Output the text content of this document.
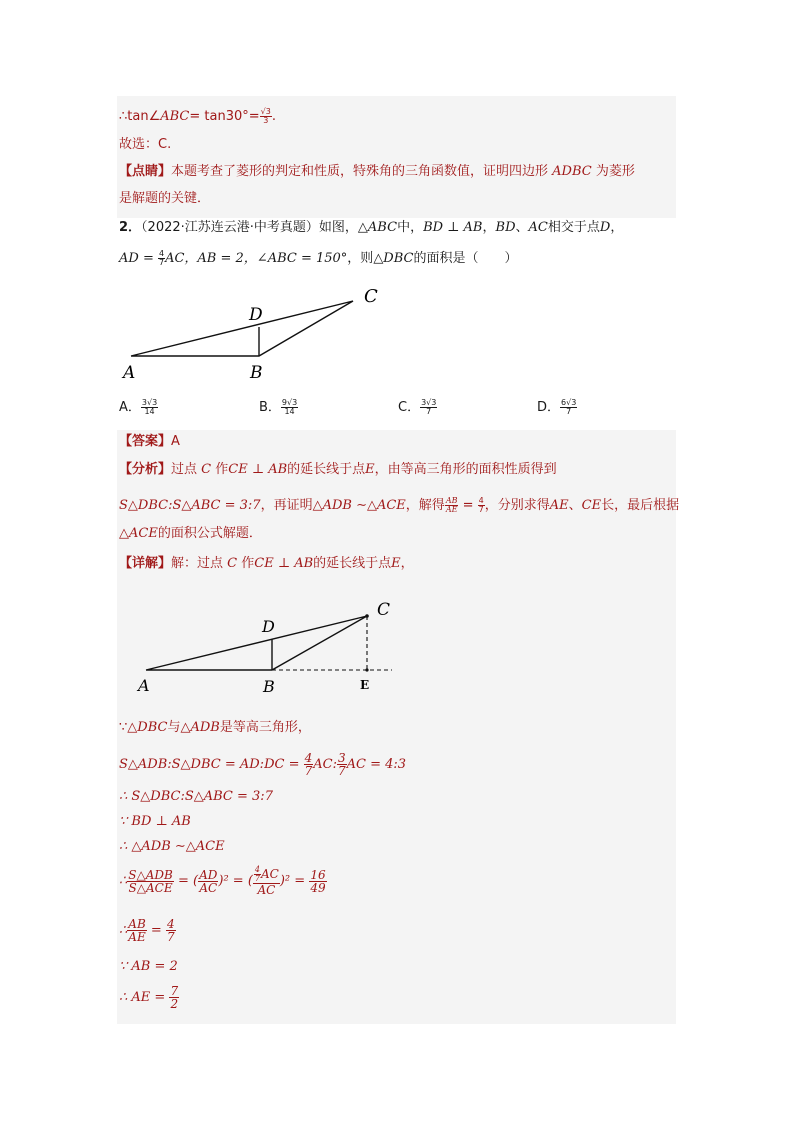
∴tan∠ABC= $\tan 30^\circ= \frac{√3}{3}$ .
故选：C.
【点睛】本题考查了菱形的判定和性质，特殊角的三角函数值，证明四边形 ADBC 为菱形
是解题的关键．
2．（2022·江苏连云港·中考真题）如图，△ABC中，BD ⊥ AB，BD、AC相交于点D，
AD = $\frac{4}{7}$ AC，AB = 2，∠ABC = 150°，则△DBC的面积是（　　）
C
D
A	B
A． $\frac{3√3}{14}$	B． $\frac{9√3}{14}$	C． $\frac{3√3}{7}$	D． $\frac{6√3}{7}$
【答案】A
【分析】过点 C 作CE ⊥ AB的延长线于点E，由等高三角形的面积性质得到
S△DBC:S△ABC = 3:7，再证明△ADB ∼△ACE，解得 $\frac{AB}{AE} = \frac{4}{7}$ ，分别求得AE、CE长，最后根据
△ACE的面积公式解题．
【详解】解：过点 C 作CE ⊥ AB的延长线于点E，
C
D
A	B	E
∵△DBC与△ADB是等高三角形，
S△ADB:S△DBC = AD:DC = $\frac{4}{7}$ AC: $\frac{3}{7}$ AC = 4:3
∴ S△DBC:S△ABC = 3:7
∵ BD ⊥ AB
∴ △ADB ∼△ACE
∴ $\frac{\text{S△ADB}}{\text{S△ACE}}$ = ( $\frac{AD}{AC} )^2$ = ( $\frac{\frac{4}{7} AC}{AC} )^2 = \frac{16}{49}$
∴ $\frac{AB}{AE} = \frac{4}{7}$
∵ AB = 2
∴ AE = $\frac{7}{2}$
